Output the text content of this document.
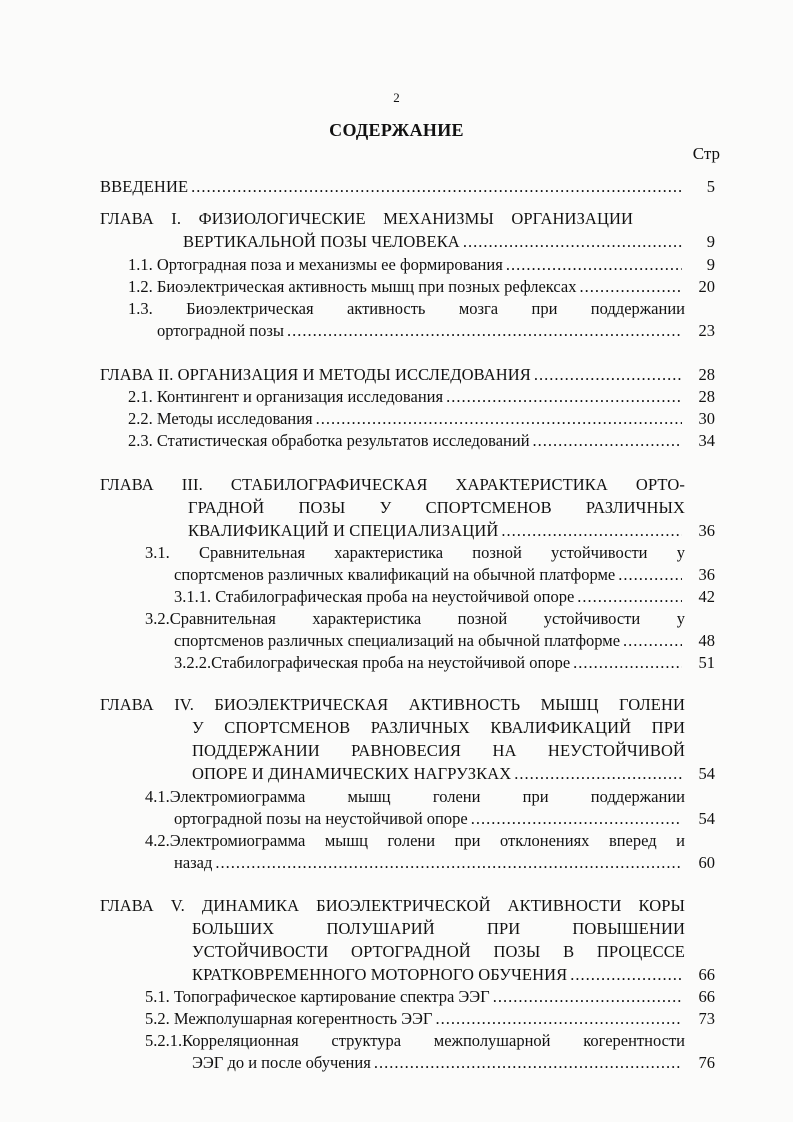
2
СОДЕРЖАНИЕ
Стр
ВВЕДЕНИЕ .....	5
ГЛАВА I. ФИЗИОЛОГИЧЕСКИЕ МЕХАНИЗМЫ ОРГАНИЗАЦИИ
ВЕРТИКАЛЬНОЙ ПОЗЫ ЧЕЛОВЕКА .....	9
1.1. Ортоградная поза и механизмы ее формирования .....	9
1.2. Биоэлектрическая активность мышц при позных рефлексах .....	20
1.3. Биоэлектрическая активность мозга при поддержании
ортоградной позы .....	23
ГЛАВА II. ОРГАНИЗАЦИЯ И МЕТОДЫ ИССЛЕДОВАНИЯ .....	28
2.1. Контингент и организация исследования .....	28
2.2. Методы исследования .....	30
2.3. Статистическая обработка результатов исследований .....	34
ГЛАВА III. СТАБИЛОГРАФИЧЕСКАЯ ХАРАКТЕРИСТИКА ОРТО-
ГРАДНОЙ ПОЗЫ У СПОРТСМЕНОВ РАЗЛИЧНЫХ
КВАЛИФИКАЦИЙ И СПЕЦИАЛИЗАЦИЙ .....	36
3.1. Сравнительная характеристика позной устойчивости у
спортсменов различных квалификаций на обычной платформе .....	36
3.1.1. Стабилографическая проба на неустойчивой опоре .....	42
3.2.Сравнительная характеристика позной устойчивости у
спортсменов различных специализаций на обычной платформе .....	48
3.2.2.Стабилографическая проба на неустойчивой опоре .....	51
ГЛАВА IV. БИОЭЛЕКТРИЧЕСКАЯ АКТИВНОСТЬ МЫШЦ ГОЛЕНИ
У СПОРТСМЕНОВ РАЗЛИЧНЫХ КВАЛИФИКАЦИЙ ПРИ
ПОДДЕРЖАНИИ РАВНОВЕСИЯ НА НЕУСТОЙЧИВОЙ
ОПОРЕ И ДИНАМИЧЕСКИХ НАГРУЗКАХ .....	54
4.1.Электромиограмма мышц голени при поддержании
ортоградной позы на неустойчивой опоре .....	54
4.2.Электромиограмма мышц голени при отклонениях вперед и
назад .....	60
ГЛАВА V. ДИНАМИКА БИОЭЛЕКТРИЧЕСКОЙ АКТИВНОСТИ КОРЫ
БОЛЬШИХ ПОЛУШАРИЙ ПРИ ПОВЫШЕНИИ
УСТОЙЧИВОСТИ ОРТОГРАДНОЙ ПОЗЫ В ПРОЦЕССЕ
КРАТКОВРЕМЕННОГО МОТОРНОГО ОБУЧЕНИЯ .....	66
5.1. Топографическое картирование спектра ЭЭГ .....	66
5.2. Межполушарная когерентность ЭЭГ .....	73
5.2.1.Корреляционная структура межполушарной когерентности
ЭЭГ до и после обучения .....	76
